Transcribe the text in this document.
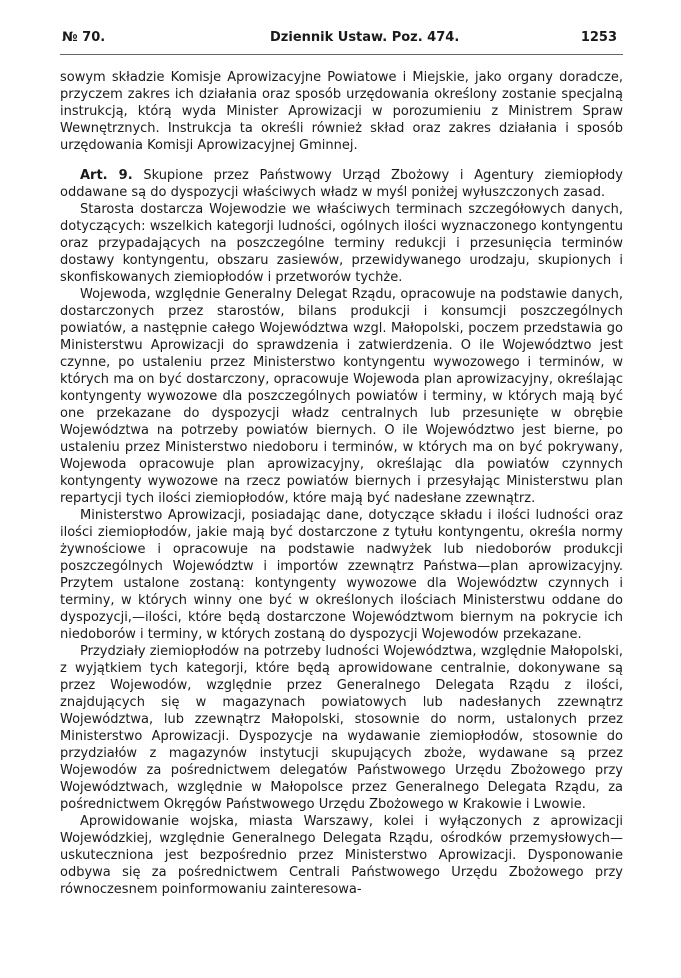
№ 70.	Dziennik Ustaw. Poz. 474.	1253

sowym składzie Komisje Aprowizacyjne Powiatowe i Miejskie, jako organy doradcze, przyczem zakres ich działania oraz sposób urzędowania określony zostanie specjalną instrukcją, którą wyda Minister Aprowizacji w porozumieniu z Ministrem Spraw Wewnętrznych. Instrukcja ta określi również skład oraz zakres działania i sposób urzędowania Komisji Aprowizacyjnej Gminnej.

Art. 9. Skupione przez Państwowy Urząd Zbożowy i Agentury ziemiopłody oddawane są do dyspozycji właściwych władz w myśl poniżej wyłuszczonych zasad.

Starosta dostarcza Wojewodzie we właściwych terminach szczegółowych danych, dotyczących: wszelkich kategorji ludności, ogólnych ilości wyznaczonego kontyngentu oraz przypadających na poszczególne terminy redukcji i przesunięcia terminów dostawy kontyngentu, obszaru zasiewów, przewidywanego urodzaju, skupionych i skonfiskowanych ziemiopłodów i przetworów tychże.

Wojewoda, względnie Generalny Delegat Rządu, opracowuje na podstawie danych, dostarczonych przez starostów, bilans produkcji i konsumcji poszczególnych powiatów, a następnie całego Województwa wzgl. Małopolski, poczem przedstawia go Ministerstwu Aprowizacji do sprawdzenia i zatwierdzenia. O ile Województwo jest czynne, po ustaleniu przez Ministerstwo kontyngentu wywozowego i terminów, w których ma on być dostarczony, opracowuje Wojewoda plan aprowizacyjny, określając kontyngenty wywozowe dla poszczególnych powiatów i terminy, w których mają być one przekazane do dyspozycji władz centralnych lub przesunięte w obrębie Województwa na potrzeby powiatów biernych. O ile Województwo jest bierne, po ustaleniu przez Ministerstwo niedoboru i terminów, w których ma on być pokrywany, Wojewoda opracowuje plan aprowizacyjny, określając dla powiatów czynnych kontyngenty wywozowe na rzecz powiatów biernych i przesyłając Ministerstwu plan repartycji tych ilości ziemiopłodów, które mają być nadesłane zzewnątrz.

Ministerstwo Aprowizacji, posiadając dane, dotyczące składu i ilości ludności oraz ilości ziemiopłodów, jakie mają być dostarczone z tytułu kontyngentu, określa normy żywnościowe i opracowuje na podstawie nadwyżek lub niedoborów produkcji poszczególnych Województw i importów zzewnątrz Państwa—plan aprowizacyjny. Przytem ustalone zostaną: kontyngenty wywozowe dla Województw czynnych i terminy, w których winny one być w określonych ilościach Ministerstwu oddane do dyspozycji,—ilości, które będą dostarczone Województwom biernym na pokrycie ich niedoborów i terminy, w których zostaną do dyspozycji Wojewodów przekazane.

Przydziały ziemiopłodów na potrzeby ludności Województwa, względnie Małopolski, z wyjątkiem tych kategorji, które będą aprowidowane centralnie, dokonywane są przez Wojewodów, względnie przez Generalnego Delegata Rządu z ilości, znajdujących się w magazynach powiatowych lub nadesłanych zzewnątrz Województwa, lub zzewnątrz Małopolski, stosownie do norm, ustalonych przez Ministerstwo Aprowizacji. Dyspozycje na wydawanie ziemiopłodów, stosownie do przydziałów z magazynów instytucji skupujących zboże, wydawane są przez Wojewodów za pośrednictwem delegatów Państwowego Urzędu Zbożowego przy Województwach, względnie w Małopolsce przez Generalnego Delegata Rządu, za pośrednictwem Okręgów Państwowego Urzędu Zbożowego w Krakowie i Lwowie.

Aprowidowanie wojska, miasta Warszawy, kolei i wyłączonych z aprowizacji Wojewódzkiej, względnie Generalnego Delegata Rządu, ośrodków przemysłowych—uskuteczniona jest bezpośrednio przez Ministerstwo Aprowizacji. Dysponowanie odbywa się za pośrednictwem Centrali Państwowego Urzędu Zbożowego przy równoczesnem poinformowaniu zainteresowa-
